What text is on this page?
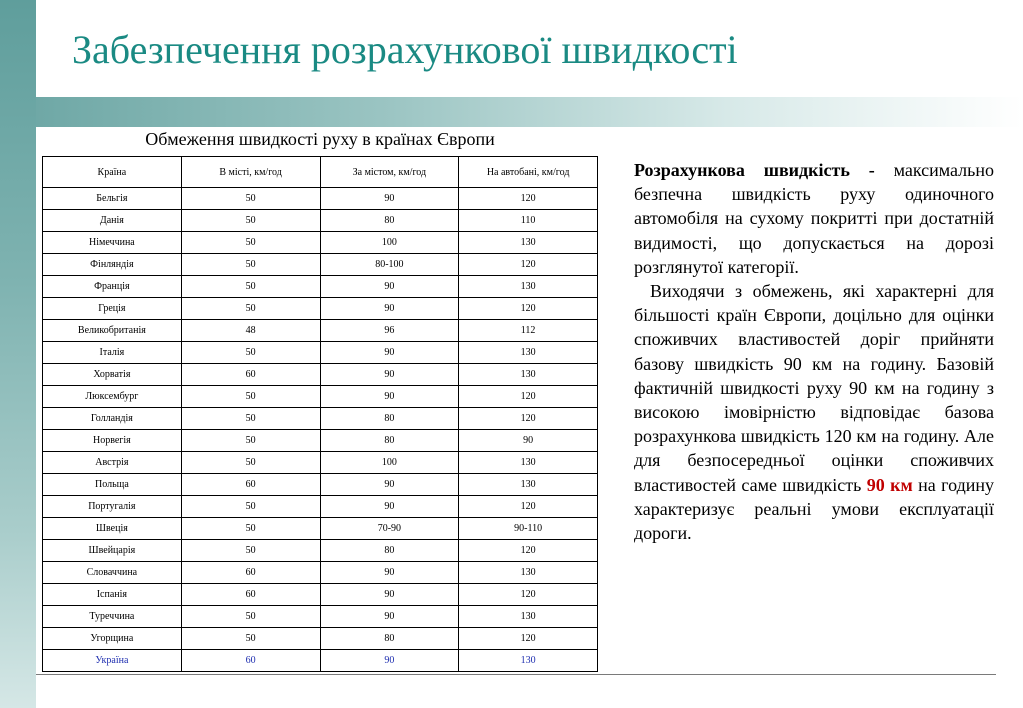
Забезпечення розрахункової швидкості
Обмеження швидкості руху в країнах Європи
Країна	В місті, км/год	За містом, км/год	На автобані, км/год
Бельгія	50	90	120
Данія	50	80	110
Німеччина	50	100	130
Фінляндія	50	80-100	120
Франція	50	90	130
Греція	50	90	120
Великобританія	48	96	112
Італія	50	90	130
Хорватія	60	90	130
Люксембург	50	90	120
Голландія	50	80	120
Норвегія	50	80	90
Австрія	50	100	130
Польща	60	90	130
Португалія	50	90	120
Швеція	50	70-90	90-110
Швейцарія	50	80	120
Словаччина	60	90	130
Іспанія	60	90	120
Туреччина	50	90	130
Угорщина	50	80	120
Україна	60	90	130

Розрахункова швидкість - максимально безпечна швидкість руху одиночного автомобіля на сухому покритті при достатній видимості, що допускається на дорозі розглянутої категорії.

Виходячи з обмежень, які характерні для більшості країн Європи, доцільно для оцінки споживчих властивостей доріг прийняти базову швидкість 90 км на годину. Базовій фактичній швидкості руху 90 км на годину з високою імовірністю відповідає базова розрахункова швидкість 120 км на годину. Але для безпосередньої оцінки споживчих властивостей саме швидкість 90 км на годину характеризує реальні умови експлуатації дороги.
